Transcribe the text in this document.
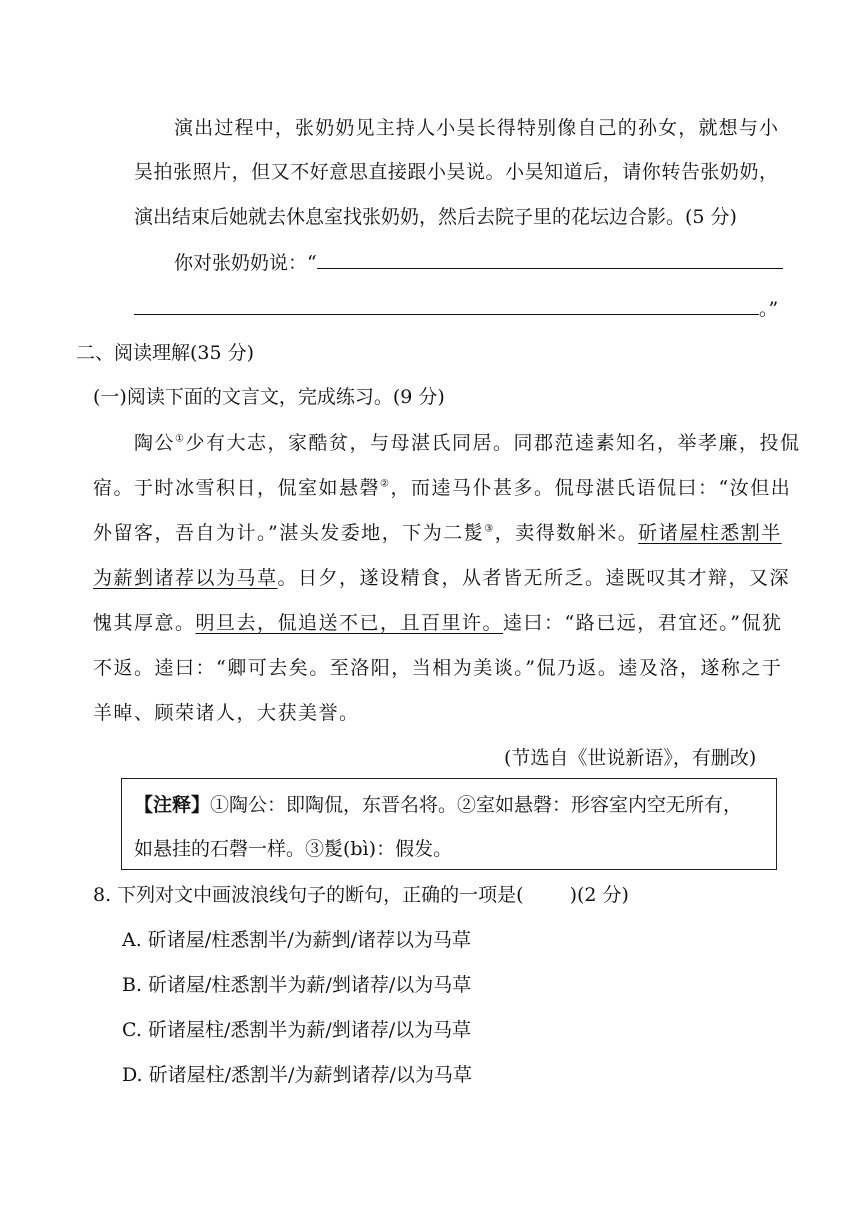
演出过程中，张奶奶见主持人小吴长得特别像自己的孙女，就想与小
吴拍张照片，但又不好意思直接跟小吴说。小吴知道后，请你转告张奶奶，
演出结束后她就去休息室找张奶奶，然后去院子里的花坛边合影。(5 分)
你对张奶奶说：“
。”
二、阅读理解(35 分)
(一)阅读下面的文言文，完成练习。(9 分)
陶公①少有大志，家酷贫，与母湛氏同居。同郡范逵素知名，举孝廉，投侃
宿。于时冰雪积日，侃室如悬磬②，而逵马仆甚多。侃母湛氏语侃曰：“汝但出
外留客，吾自为计。”湛头发委地，下为二髲③，卖得数斛米。斫诸屋柱悉割半
为薪剉诸荐以为马草。日夕，遂设精食，从者皆无所乏。逵既叹其才辩，又深
愧其厚意。明旦去，侃追送不已，且百里许。逵曰：“路已远，君宜还。”侃犹
不返。逵曰：“卿可去矣。至洛阳，当相为美谈。”侃乃返。逵及洛，遂称之于
羊晫、顾荣诸人，大获美誉。
(节选自《世说新语》，有删改)
【注释】①陶公：即陶侃，东晋名将。②室如悬磬：形容室内空无所有，
如悬挂的石磬一样。③髲(bì)：假发。
8. 下列对文中画波浪线句子的断句，正确的一项是( )(2 分)
A. 斫诸屋/柱悉割半/为薪剉/诸荐以为马草
B. 斫诸屋/柱悉割半为薪/剉诸荐/以为马草
C. 斫诸屋柱/悉割半为薪/剉诸荐/以为马草
D. 斫诸屋柱/悉割半/为薪剉诸荐/以为马草
